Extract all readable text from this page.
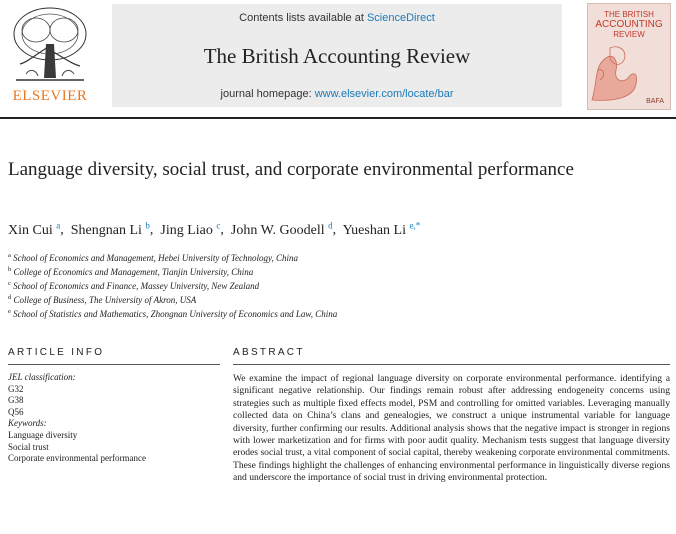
ELSEVIER
Contents lists available at ScienceDirect
The British Accounting Review
journal homepage: www.elsevier.com/locate/bar
THE BRITISH
ACCOUNTING
REVIEW
BAFA
Language diversity, social trust, and corporate environmental performance
Xin Cui $^a$,  Shengnan Li $^b$,  Jing Liao $^c$,  John W. Goodell $^d$,  Yueshan Li $^{e,*}$
$^a$ School of Economics and Management, Hebei University of Technology, China
$^b$ College of Economics and Management, Tianjin University, China
$^c$ School of Economics and Finance, Massey University, New Zealand
$^d$ College of Business, The University of Akron, USA
$^e$ School of Statistics and Mathematics, Zhongnan University of Economics and Law, China
ARTICLE INFO	ABSTRACT
JEL classification:
G32
G38
Q56
Keywords:
Language diversity
Social trust
Corporate environmental performance
We examine the impact of regional language diversity on corporate environmental performance. identifying a significant negative relationship. Our findings remain robust after addressing endogeneity concerns using strategies such as multiple fixed effects model, PSM and controlling for omitted variables. Leveraging manually collected data on China’s clans and genealogies, we construct a unique instrumental variable for language diversity, further confirming our results. Additional analysis shows that the negative impact is stronger in regions with lower marketization and for firms with poor audit quality. Mechanism tests suggest that language diversity erodes social trust, a vital component of social capital, thereby weakening corporate environmental commitments. These findings highlight the challenges of enhancing environmental performance in linguistically diverse regions and underscore the importance of social trust in driving environmental protection.
